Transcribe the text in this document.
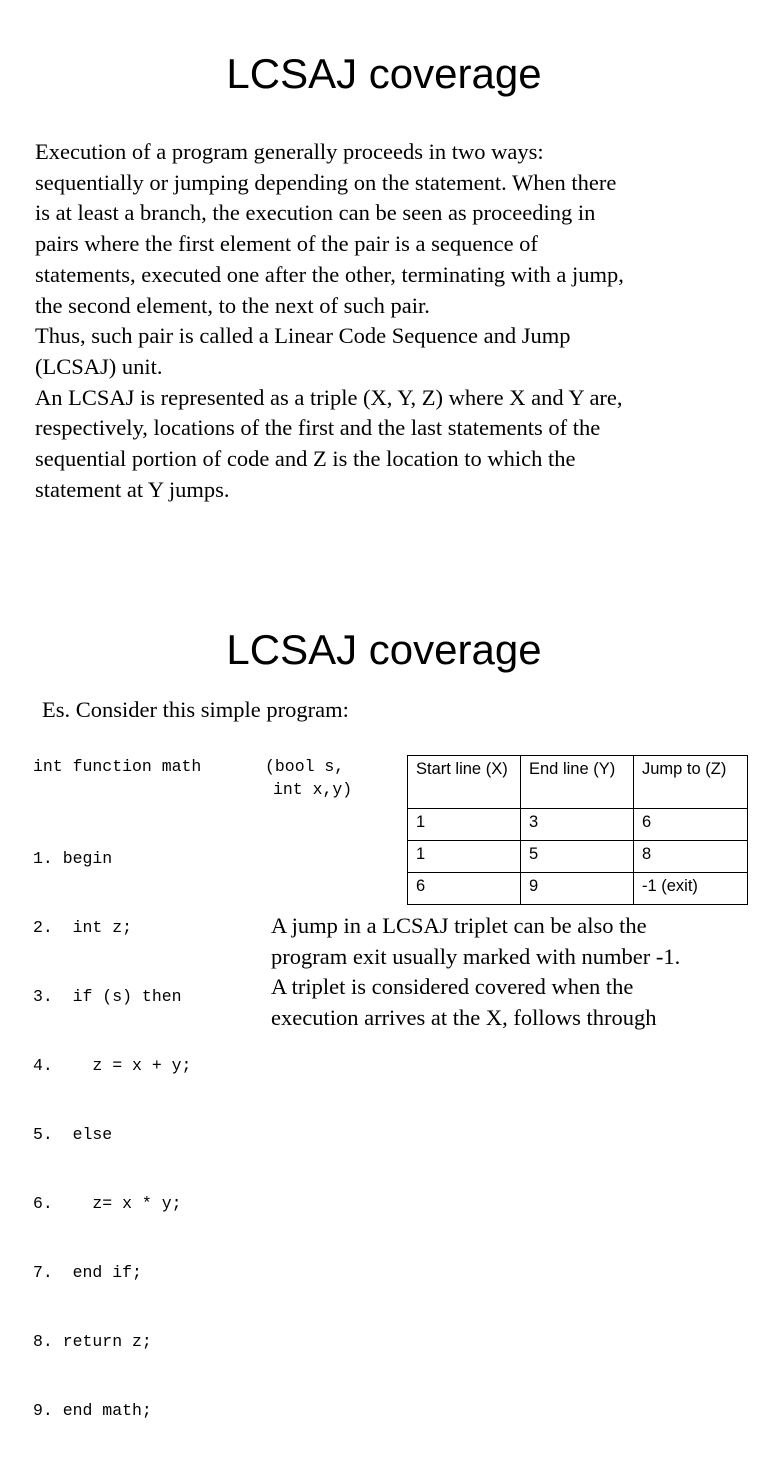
LCSAJ coverage
Execution of a program generally proceeds in two ways:
sequentially or jumping depending on the statement. When there
is at least a branch, the execution can be seen as proceeding in
pairs where the first element of the pair is a sequence of
statements, executed one after the other, terminating with a jump,
the second element, to the next of such pair.
Thus, such pair is called a Linear Code Sequence and Jump
(LCSAJ) unit.
An LCSAJ is represented as a triple (X, Y, Z) where X and Y are,
respectively, locations of the first and the last statements of the
sequential portion of code and Z is the location to which the
statement at Y jumps.
LCSAJ coverage
Es. Consider this simple program:
int function math	(bool s,
int x,y)

1. begin

2.  int z;

3.  if (s) then

4.    z = x + y;

5.  else

6.    z= x * y;

7.  end if;

8. return z;

9. end math;

Start line (X)	End line (Y)	Jump to (Z)
1	3	6
1	5	8
6	9	-1 (exit)
A jump in a LCSAJ triplet can be also the
program exit usually marked with number -1.
A triplet is considered covered when the
execution arrives at the X, follows through
